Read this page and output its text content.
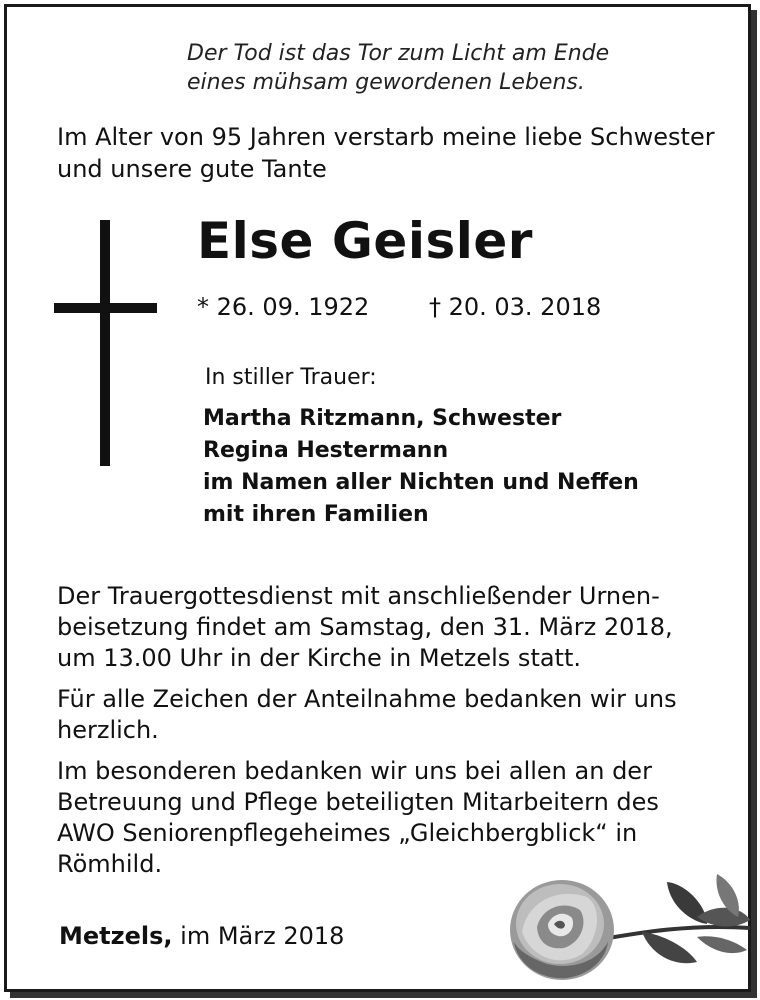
Der Tod ist das Tor zum Licht am Ende
eines mühsam gewordenen Lebens.
Im Alter von 95 Jahren verstarb meine liebe Schwester
und unsere gute Tante
Else Geisler
* 26. 09. 1922 † 20. 03. 2018
In stiller Trauer:
Martha Ritzmann, Schwester
Regina Hestermann
im Namen aller Nichten und Neffen
mit ihren Familien

Der Trauergottesdienst mit anschließender Urnen-
beisetzung findet am Samstag, den 31. März 2018,
um 13.00 Uhr in der Kirche in Metzels statt.

Für alle Zeichen der Anteilnahme bedanken wir uns
herzlich.

Im besonderen bedanken wir uns bei allen an der
Betreuung und Pflege beteiligten Mitarbeitern des
AWO Seniorenpflegeheimes „Gleichbergblick“ in
Römhild.

Metzels, im März 2018
